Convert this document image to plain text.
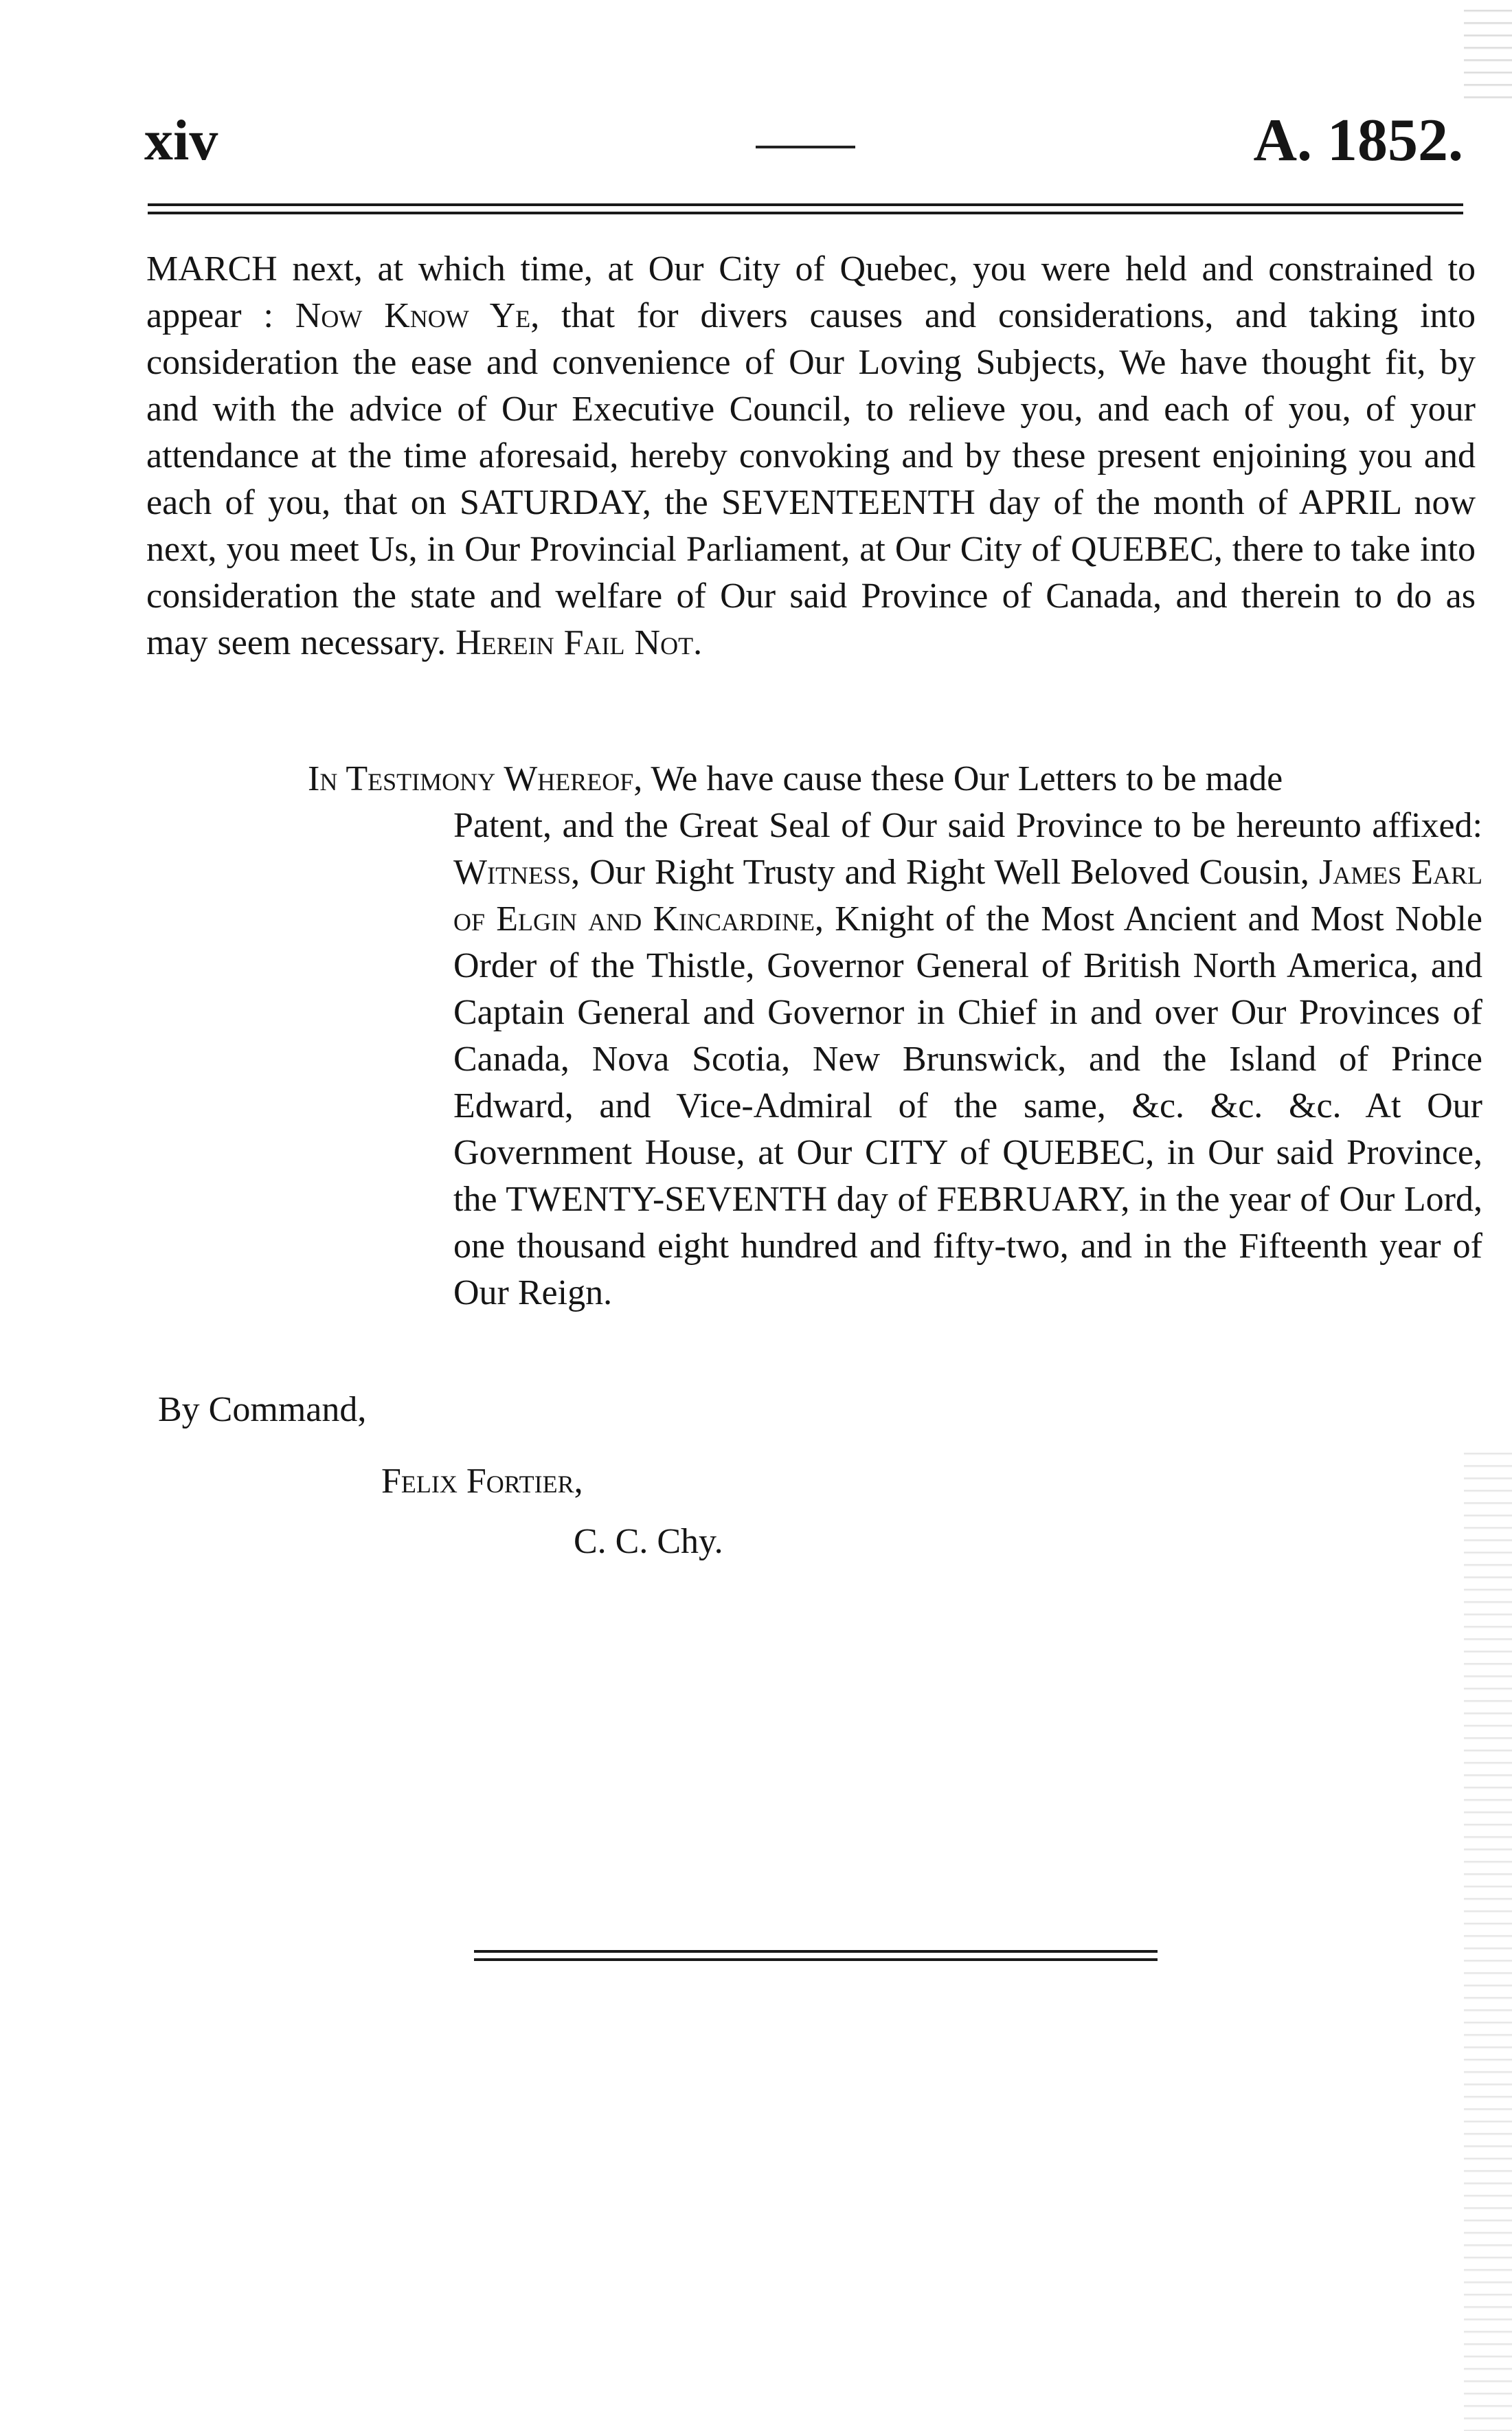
xiv	A. 1852.
MARCH next, at which time, at Our City of Quebec, you were held and constrained to appear : Now Know Ye, that for divers causes and considerations, and taking into consideration the ease and convenience of Our Loving Subjects, We have thought fit, by and with the advice of Our Executive Council, to relieve you, and each of you, of your attendance at the time aforesaid, hereby convoking and by these present enjoining you and each of you, that on SATURDAY, the SEVENTEENTH day of the month of APRIL now next, you meet Us, in Our Provincial Parliament, at Our City of QUEBEC, there to take into consideration the state and welfare of Our said Province of Canada, and therein to do as may seem necessary. Herein Fail Not.
In Testimony Whereof, We have cause these Our Letters to be made
Patent, and the Great Seal of Our said Province to be hereunto affixed: Witness, Our Right Trusty and Right Well Beloved Cousin, James Earl of Elgin and Kincardine, Knight of the Most Ancient and Most Noble Order of the Thistle, Governor General of British North America, and Captain General and Governor in Chief in and over Our Provinces of Canada, Nova Scotia, New Brunswick, and the Island of Prince Edward, and Vice-Admiral of the same, &c. &c. &c. At Our Government House, at Our CITY of QUEBEC, in Our said Province, the TWENTY-SEVENTH day of FEBRUARY, in the year of Our Lord, one thousand eight hundred and fifty-two, and in the Fifteenth year of Our Reign.
By Command,
Felix Fortier,
C. C. Chy.
